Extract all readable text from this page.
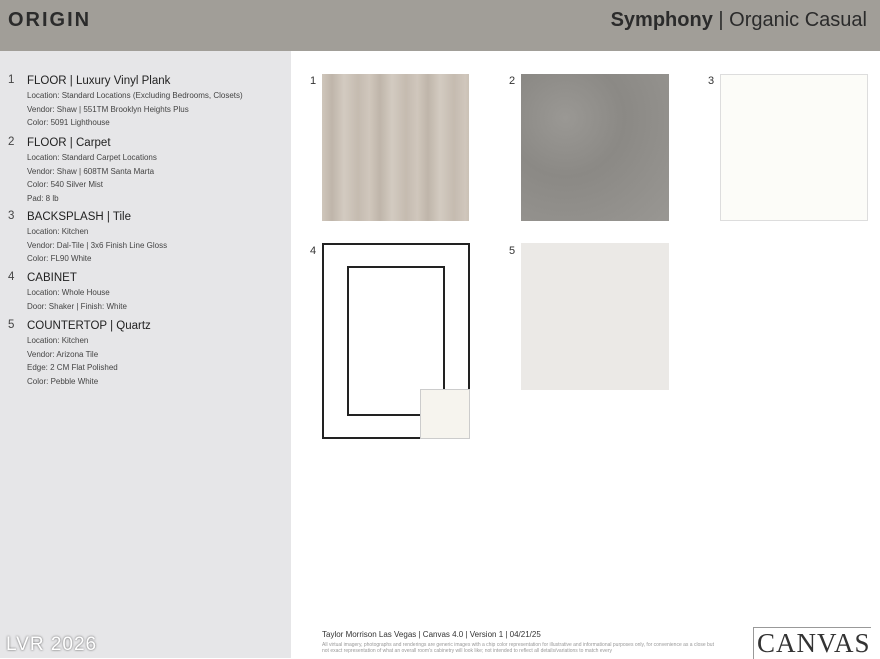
ORIGIN	Symphony | Organic Casual
1 FLOOR | Luxury Vinyl Plank
Location: Standard Locations (Excluding Bedrooms, Closets)
Vendor: Shaw | 551TM Brooklyn Heights Plus
Color: 5091 Lighthouse
2 FLOOR | Carpet
Location: Standard Carpet Locations
Vendor: Shaw | 608TM Santa Marta
Color: 540 Silver Mist
Pad: 8 lb
3 BACKSPLASH | Tile
Location: Kitchen
Vendor: Dal-Tile | 3x6 Finish Line Gloss
Color: FL90 White
4 CABINET
Location: Whole House
Door: Shaker | Finish: White
5 COUNTERTOP | Quartz
Location: Kitchen
Vendor: Arizona Tile
Edge: 2 CM Flat Polished
Color: Pebble White
1	2	3
4	5
Taylor Morrison Las Vegas | Canvas 4.0 | Version 1 | 04/21/25
All virtual imagery, photographs and renderings are generic images with a chip color representation for illustrative and informational purposes only, for convenience as a close but not exact representation of what an overall room's cabinetry will look like; not intended to reflect all details/variations to match every	CANVAS
LVR 2026
